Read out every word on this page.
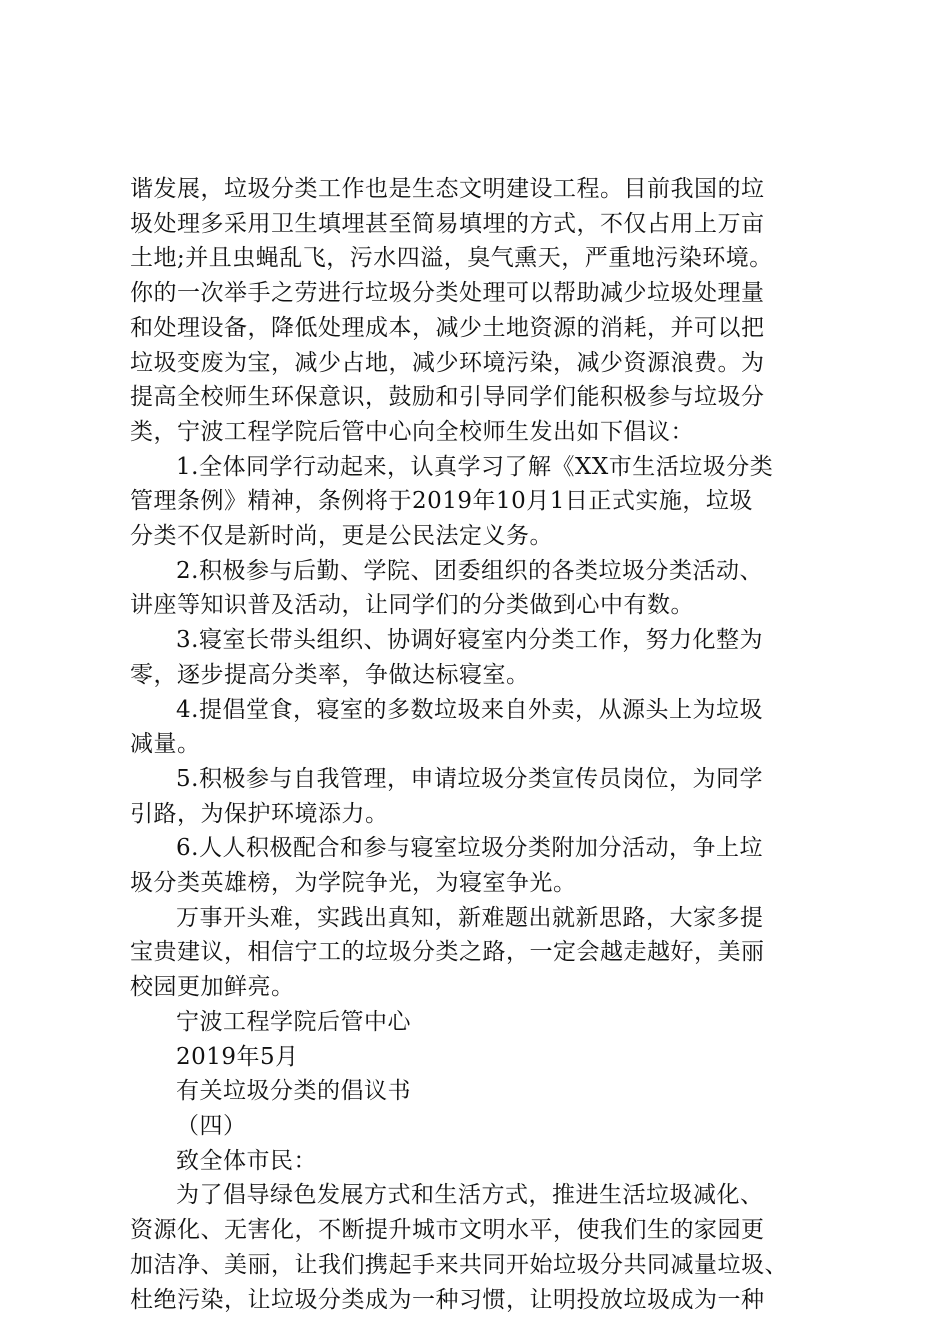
谐发展，垃圾分类工作也是生态文明建设工程。目前我国的垃
圾处理多采用卫生填埋甚至简易填埋的方式，不仅占用上万亩
土地;并且虫蝇乱飞，污水四溢，臭气熏天，严重地污染环境。
你的一次举手之劳进行垃圾分类处理可以帮助减少垃圾处理量
和处理设备，降低处理成本，减少土地资源的消耗，并可以把
垃圾变废为宝，减少占地，减少环境污染，减少资源浪费。为
提高全校师生环保意识，鼓励和引导同学们能积极参与垃圾分
类，宁波工程学院后管中心向全校师生发出如下倡议：
1.全体同学行动起来，认真学习了解《XX市生活垃圾分类
管理条例》精神，条例将于2019年10月1日正式实施，垃圾
分类不仅是新时尚，更是公民法定义务。
2.积极参与后勤、学院、团委组织的各类垃圾分类活动、
讲座等知识普及活动，让同学们的分类做到心中有数。
3.寝室长带头组织、协调好寝室内分类工作，努力化整为
零，逐步提高分类率，争做达标寝室。
4.提倡堂食，寝室的多数垃圾来自外卖，从源头上为垃圾
减量。
5.积极参与自我管理，申请垃圾分类宣传员岗位，为同学
引路，为保护环境添力。
6.人人积极配合和参与寝室垃圾分类附加分活动，争上垃
圾分类英雄榜，为学院争光，为寝室争光。
万事开头难，实践出真知，新难题出就新思路，大家多提
宝贵建议，相信宁工的垃圾分类之路，一定会越走越好，美丽
校园更加鲜亮。
宁波工程学院后管中心
2019年5月
有关垃圾分类的倡议书
（四）
致全体市民：
为了倡导绿色发展方式和生活方式，推进生活垃圾减化、
资源化、无害化，不断提升城市文明水平，使我们生的家园更
加洁净、美丽，让我们携起手来共同开始垃圾分共同减量垃圾、
杜绝污染，让垃圾分类成为一种习惯，让明投放垃圾成为一种
